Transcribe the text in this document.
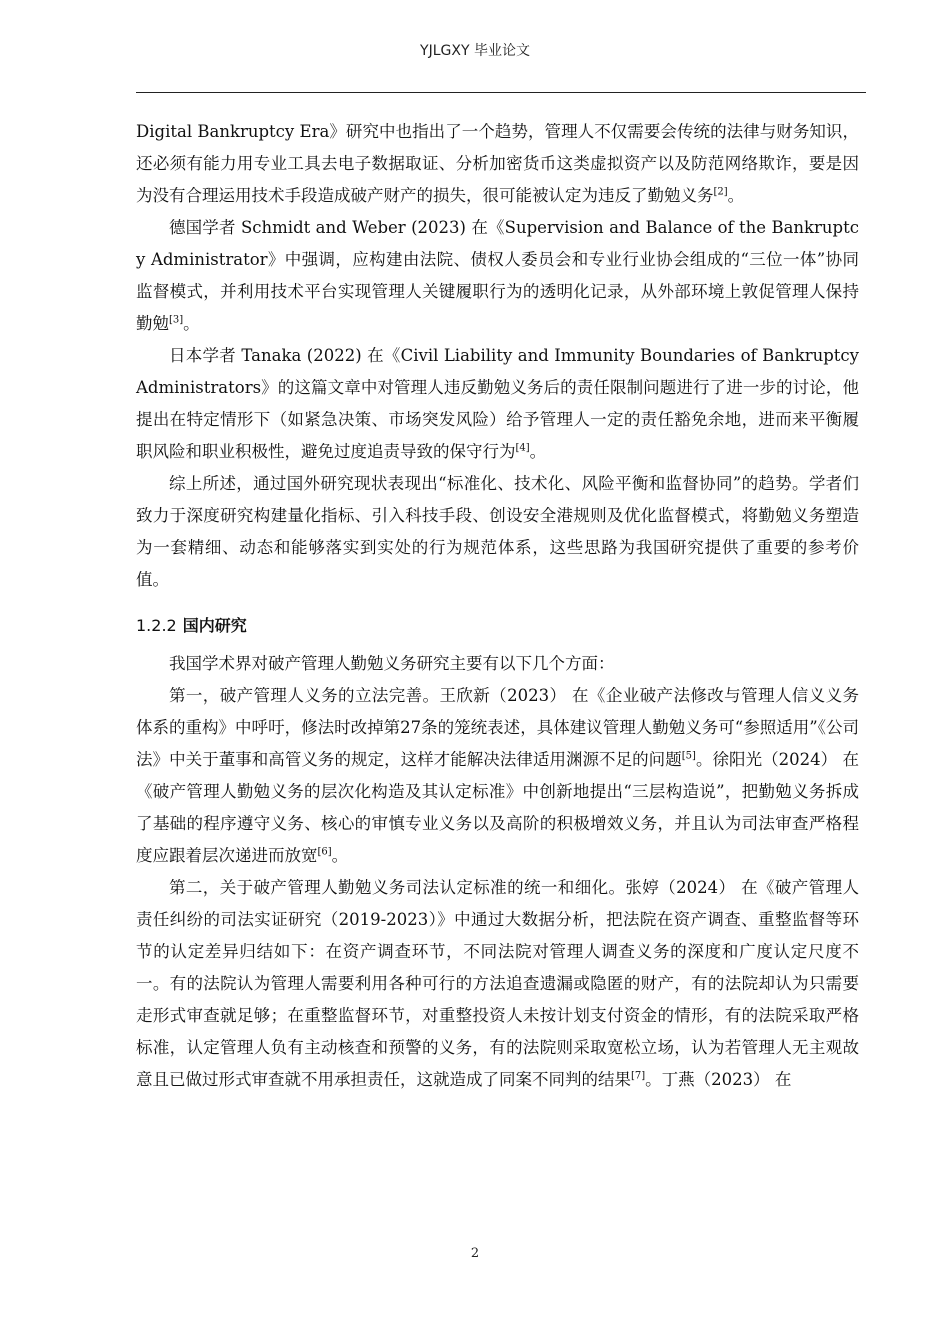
YJLGXY 毕业论文

Digital Bankruptcy Era》研究中也指出了一个趋势，管理人不仅需要会传统的法律与财务知识，还必须有能力用专业工具去电子数据取证、分析加密货币这类虚拟资产以及防范网络欺诈，要是因为没有合理运用技术手段造成破产财产的损失，很可能被认定为违反了勤勉义务[2]。

德国学者 Schmidt and Weber (2023) 在《Supervision and Balance of the Bankruptcy Administrator》中强调，应构建由法院、债权人委员会和专业行业协会组成的“三位一体”协同监督模式，并利用技术平台实现管理人关键履职行为的透明化记录，从外部环境上敦促管理人保持勤勉[3]。

日本学者 Tanaka (2022) 在《Civil Liability and Immunity Boundaries of Bankruptcy Administrators》的这篇文章中对管理人违反勤勉义务后的责任限制问题进行了进一步的讨论，他提出在特定情形下（如紧急决策、市场突发风险）给予管理人一定的责任豁免余地，进而来平衡履职风险和职业积极性，避免过度追责导致的保守行为[4]。

综上所述，通过国外研究现状表现出“标准化、技术化、风险平衡和监督协同”的趋势。学者们致力于深度研究构建量化指标、引入科技手段、创设安全港规则及优化监督模式，将勤勉义务塑造为一套精细、动态和能够落实到实处的行为规范体系，这些思路为我国研究提供了重要的参考价值。

1.2.2 国内研究

我国学术界对破产管理人勤勉义务研究主要有以下几个方面：

第一，破产管理人义务的立法完善。王欣新（2023） 在《企业破产法修改与管理人信义义务体系的重构》中呼吁，修法时改掉第27条的笼统表述，具体建议管理人勤勉义务可“参照适用”《公司法》中关于董事和高管义务的规定，这样才能解决法律适用渊源不足的问题[5]。徐阳光（2024） 在《破产管理人勤勉义务的层次化构造及其认定标准》中创新地提出“三层构造说”，把勤勉义务拆成了基础的程序遵守义务、核心的审慎专业义务以及高阶的积极增效义务，并且认为司法审查严格程度应跟着层次递进而放宽[6]。

第二，关于破产管理人勤勉义务司法认定标准的统一和细化。张婷（2024） 在《破产管理人责任纠纷的司法实证研究（2019-2023）》中通过大数据分析，把法院在资产调查、重整监督等环节的认定差异归结如下：在资产调查环节，不同法院对管理人调查义务的深度和广度认定尺度不一。有的法院认为管理人需要利用各种可行的方法追查遗漏或隐匿的财产，有的法院却认为只需要走形式审查就足够；在重整监督环节，对重整投资人未按计划支付资金的情形，有的法院采取严格标准，认定管理人负有主动核查和预警的义务，有的法院则采取宽松立场，认为若管理人无主观故意且已做过形式审查就不用承担责任，这就造成了同案不同判的结果[7]。丁燕（2023） 在

2
